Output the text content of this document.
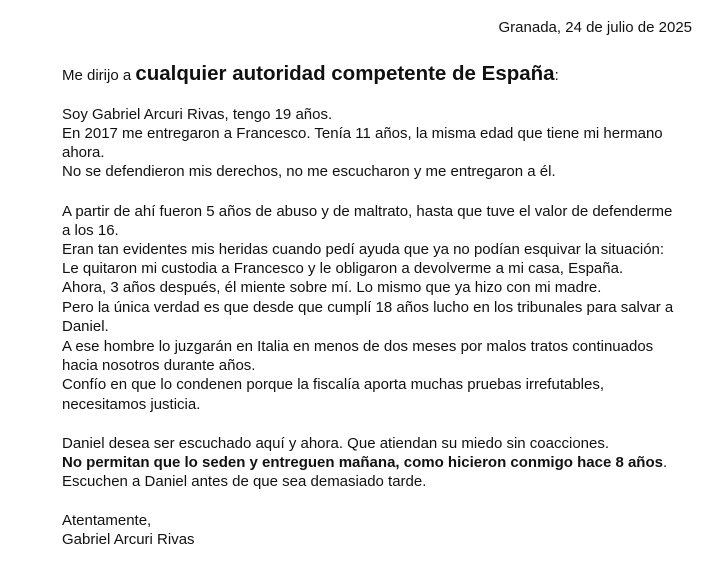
Granada, 24 de julio de 2025
Me dirijo a cualquier autoridad competente de España:
Soy Gabriel Arcuri Rivas, tengo 19 años.
En 2017 me entregaron a Francesco. Tenía 11 años, la misma edad que tiene mi hermano
ahora.
No se defendieron mis derechos, no me escucharon y me entregaron a él.
A partir de ahí fueron 5 años de abuso y de maltrato, hasta que tuve el valor de defenderme
a los 16.
Eran tan evidentes mis heridas cuando pedí ayuda que ya no podían esquivar la situación:
Le quitaron mi custodia a Francesco y le obligaron a devolverme a mi casa, España.
Ahora, 3 años después, él miente sobre mí. Lo mismo que ya hizo con mi madre.
Pero la única verdad es que desde que cumplí 18 años lucho en los tribunales para salvar a
Daniel.
A ese hombre lo juzgarán en Italia en menos de dos meses por malos tratos continuados
hacia nosotros durante años.
Confío en que lo condenen porque la fiscalía aporta muchas pruebas irrefutables,
necesitamos justicia.
Daniel desea ser escuchado aquí y ahora. Que atiendan su miedo sin coacciones.
No permitan que lo seden y entreguen mañana, como hicieron conmigo hace 8 años.
Escuchen a Daniel antes de que sea demasiado tarde.
Atentamente,
Gabriel Arcuri Rivas
